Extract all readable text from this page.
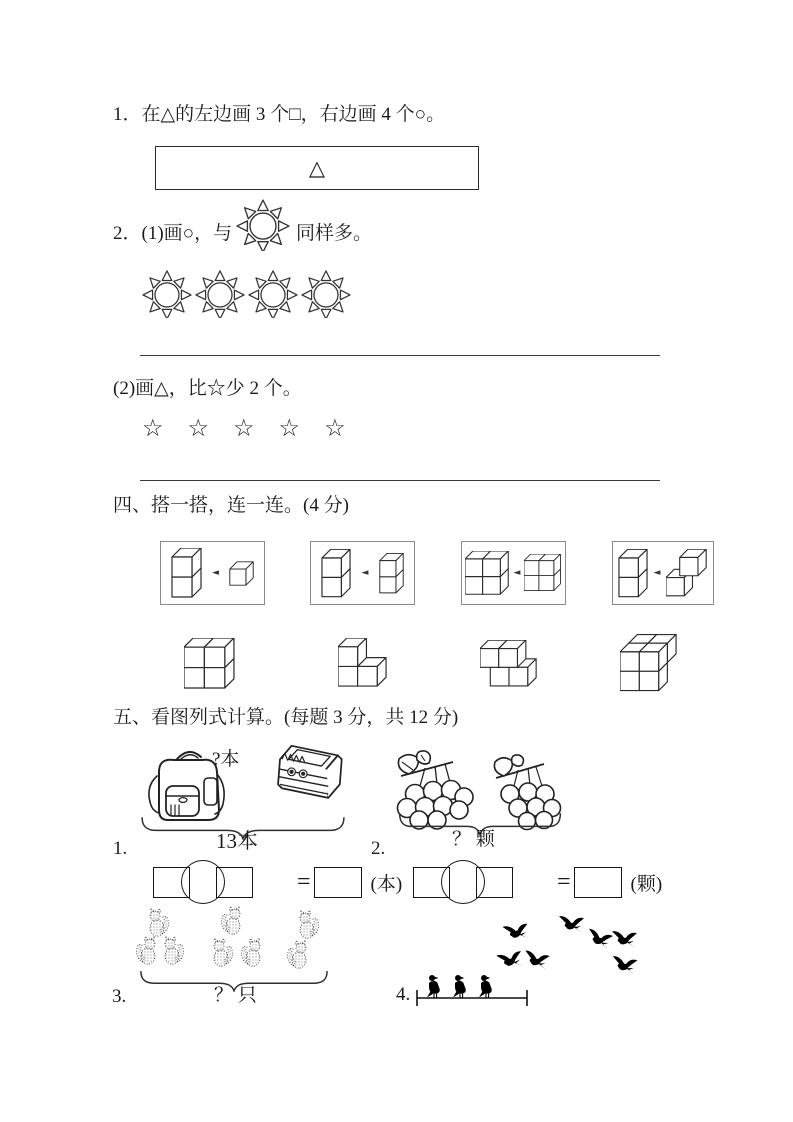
1．在△的左边画 3 个□，右边画 4 个○。
△
2．(1)画○，与	同样多。
(2)画△，比☆少 2 个。
☆ ☆ ☆ ☆ ☆
四、搭一搭，连一连。(4 分)
◄	◄	◄	◄
五、看图列式计算。(每题 3 分，共 12 分)
?本
13本
1.	？ 颗
2.
=	(本)	=	(颗)
？ 只
3.	4.
